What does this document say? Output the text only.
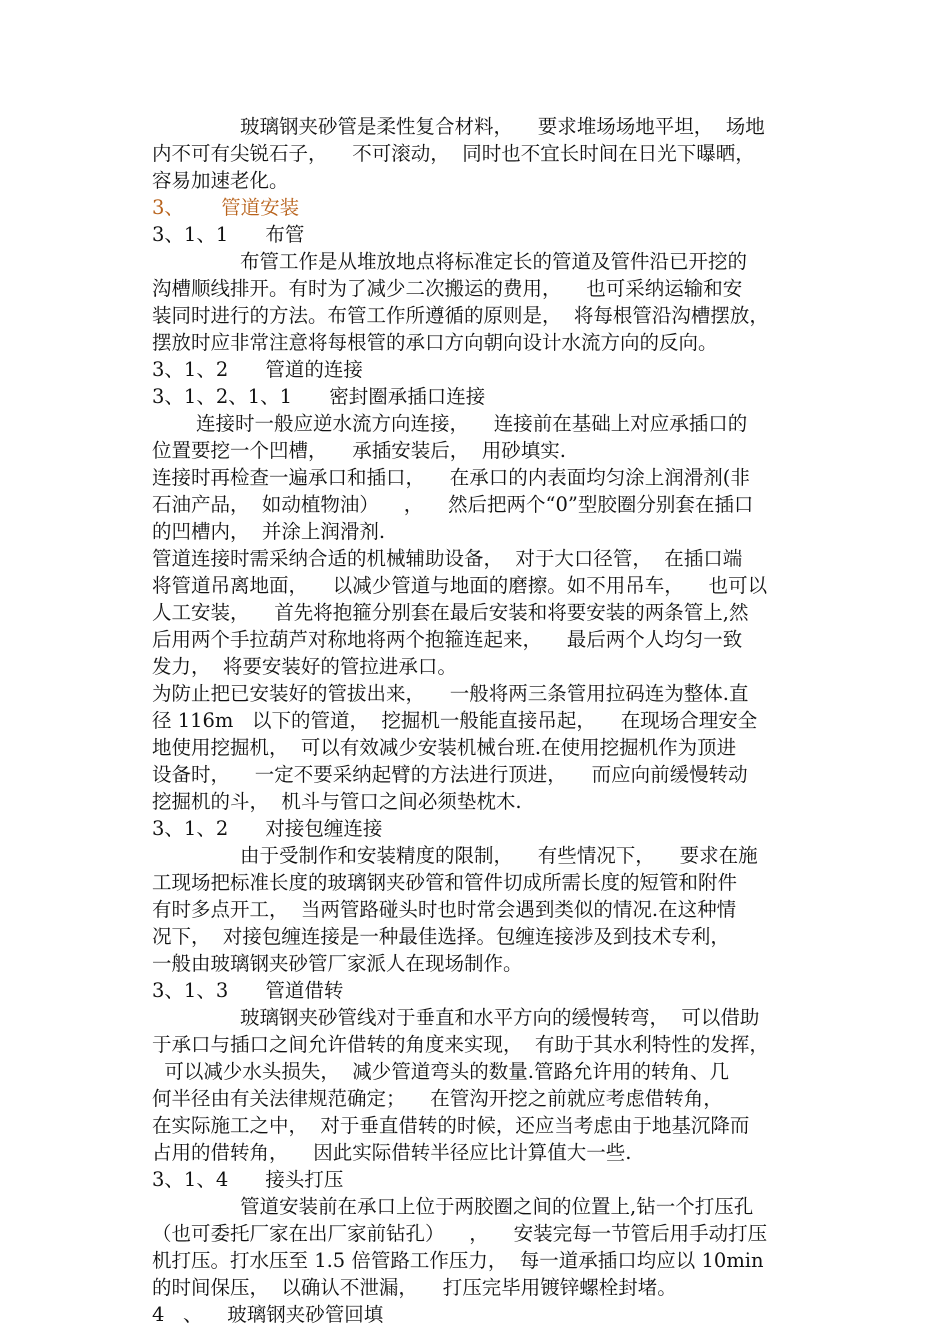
玻璃钢夹砂管是柔性复合材料，    要求堆场场地平坦，  场地
内不可有尖锐石子，    不可滚动，  同时也不宜长时间在日光下曝晒，
容易加速老化。
3、      管道安装
3、1、1      布管
布管工作是从堆放地点将标准定长的管道及管件沿已开挖的
沟槽顺线排开。有时为了减少二次搬运的费用，    也可采纳运输和安
装同时进行的方法。布管工作所遵循的原则是，  将每根管沿沟槽摆放，
摆放时应非常注意将每根管的承口方向朝向设计水流方向的反向。
3、1、2      管道的连接
3、1、2、1、1      密封圈承插口连接
连接时一般应逆水流方向连接，    连接前在基础上对应承插口的
位置要挖一个凹槽，    承插安装后，  用砂填实.
连接时再检查一遍承口和插口，    在承口的内表面均匀涂上润滑剂(非
石油产品，  如动植物油）    ，    然后把两个“0”型胶圈分别套在插口
的凹槽内，  并涂上润滑剂.
管道连接时需采纳合适的机械辅助设备，  对于大口径管，  在插口端
将管道吊离地面，    以减少管道与地面的磨擦。如不用吊车，    也可以
人工安装，    首先将抱箍分别套在最后安装和将要安装的两条管上,然
后用两个手拉葫芦对称地将两个抱箍连起来，    最后两个人均匀一致
发力，  将要安装好的管拉进承口。
为防止把已安装好的管拔出来，    一般将两三条管用拉码连为整体.直
径 116m   以下的管道，  挖掘机一般能直接吊起，    在现场合理安全
地使用挖掘机，  可以有效减少安装机械台班.在使用挖掘机作为顶进
设备时，    一定不要采纳起臂的方法进行顶进，    而应向前缓慢转动
挖掘机的斗，  机斗与管口之间必须垫枕木.
3、1、2      对接包缠连接
由于受制作和安装精度的限制，    有些情况下，    要求在施
工现场把标准长度的玻璃钢夹砂管和管件切成所需长度的短管和附件
有时多点开工，  当两管路碰头时也时常会遇到类似的情况.在这种情
况下，  对接包缠连接是一种最佳选择。包缠连接涉及到技术专利，
一般由玻璃钢夹砂管厂家派人在现场制作。
3、1、3      管道借转
玻璃钢夹砂管线对于垂直和水平方向的缓慢转弯，  可以借助
于承口与插口之间允许借转的角度来实现，  有助于其水利特性的发挥，
可以减少水头损失，  减少管道弯头的数量.管路允许用的转角、几
何半径由有关法律规范确定；    在管沟开挖之前就应考虑借转角，
在实际施工之中，  对于垂直借转的时候，还应当考虑由于地基沉降而
占用的借转角，    因此实际借转半径应比计算值大一些.
3、1、4      接头打压
管道安装前在承口上位于两胶圈之间的位置上,钻一个打压孔
（也可委托厂家在出厂家前钻孔）    ，    安装完每一节管后用手动打压
机打压。打水压至 1.5 倍管路工作压力，  每一道承插口均应以 10min
的时间保压，  以确认不泄漏，    打压完毕用镀锌螺栓封堵。
4   、    玻璃钢夹砂管回填
